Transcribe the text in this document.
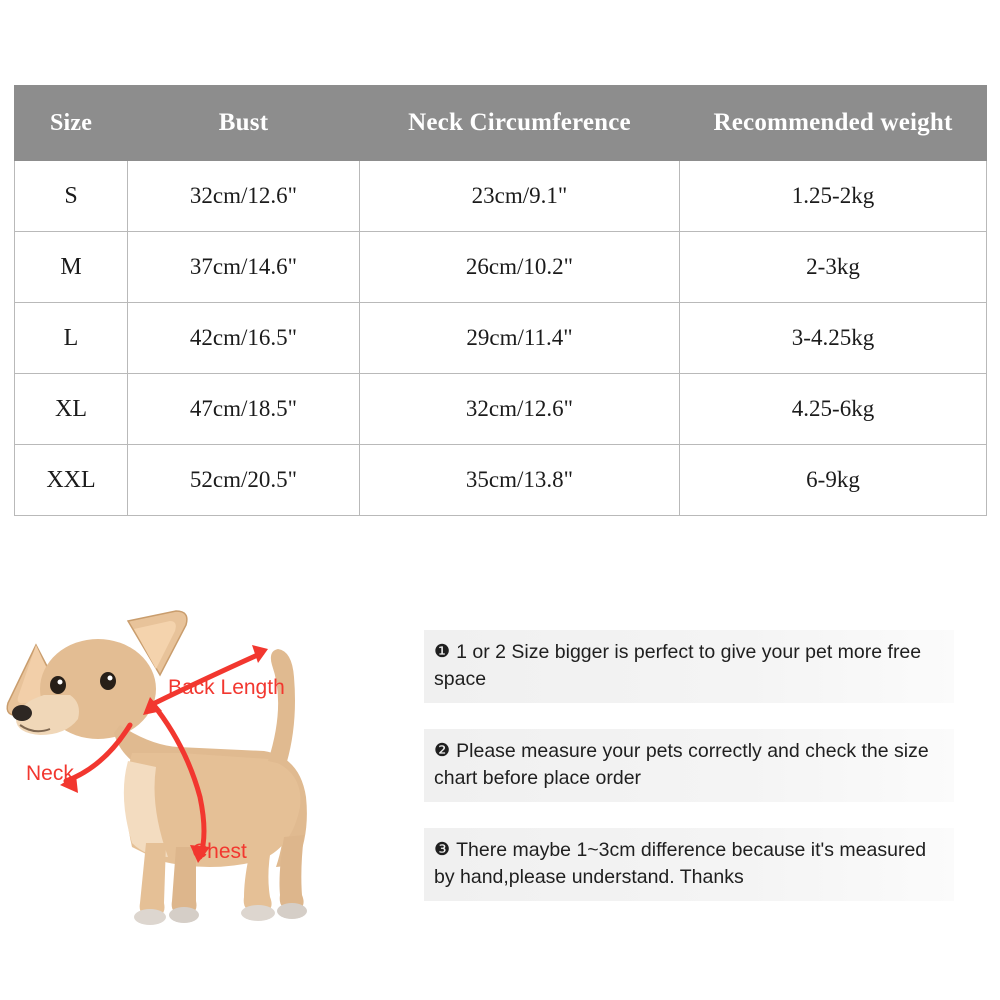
Size	Bust	Neck Circumference	Recommended weight
S	32cm/12.6"	23cm/9.1"	1.25-2kg
M	37cm/14.6"	26cm/10.2"	2-3kg
L	42cm/16.5"	29cm/11.4"	3-4.25kg
XL	47cm/18.5"	32cm/12.6"	4.25-6kg
XXL	52cm/20.5"	35cm/13.8"	6-9kg
❶ 1 or 2 Size bigger is perfect to give your pet more free space
❷ Please measure your pets correctly and check the size chart before place order
❸ There maybe 1~3cm difference because it's measured by hand,please understand. Thanks
Back Length
Neck
Chest
